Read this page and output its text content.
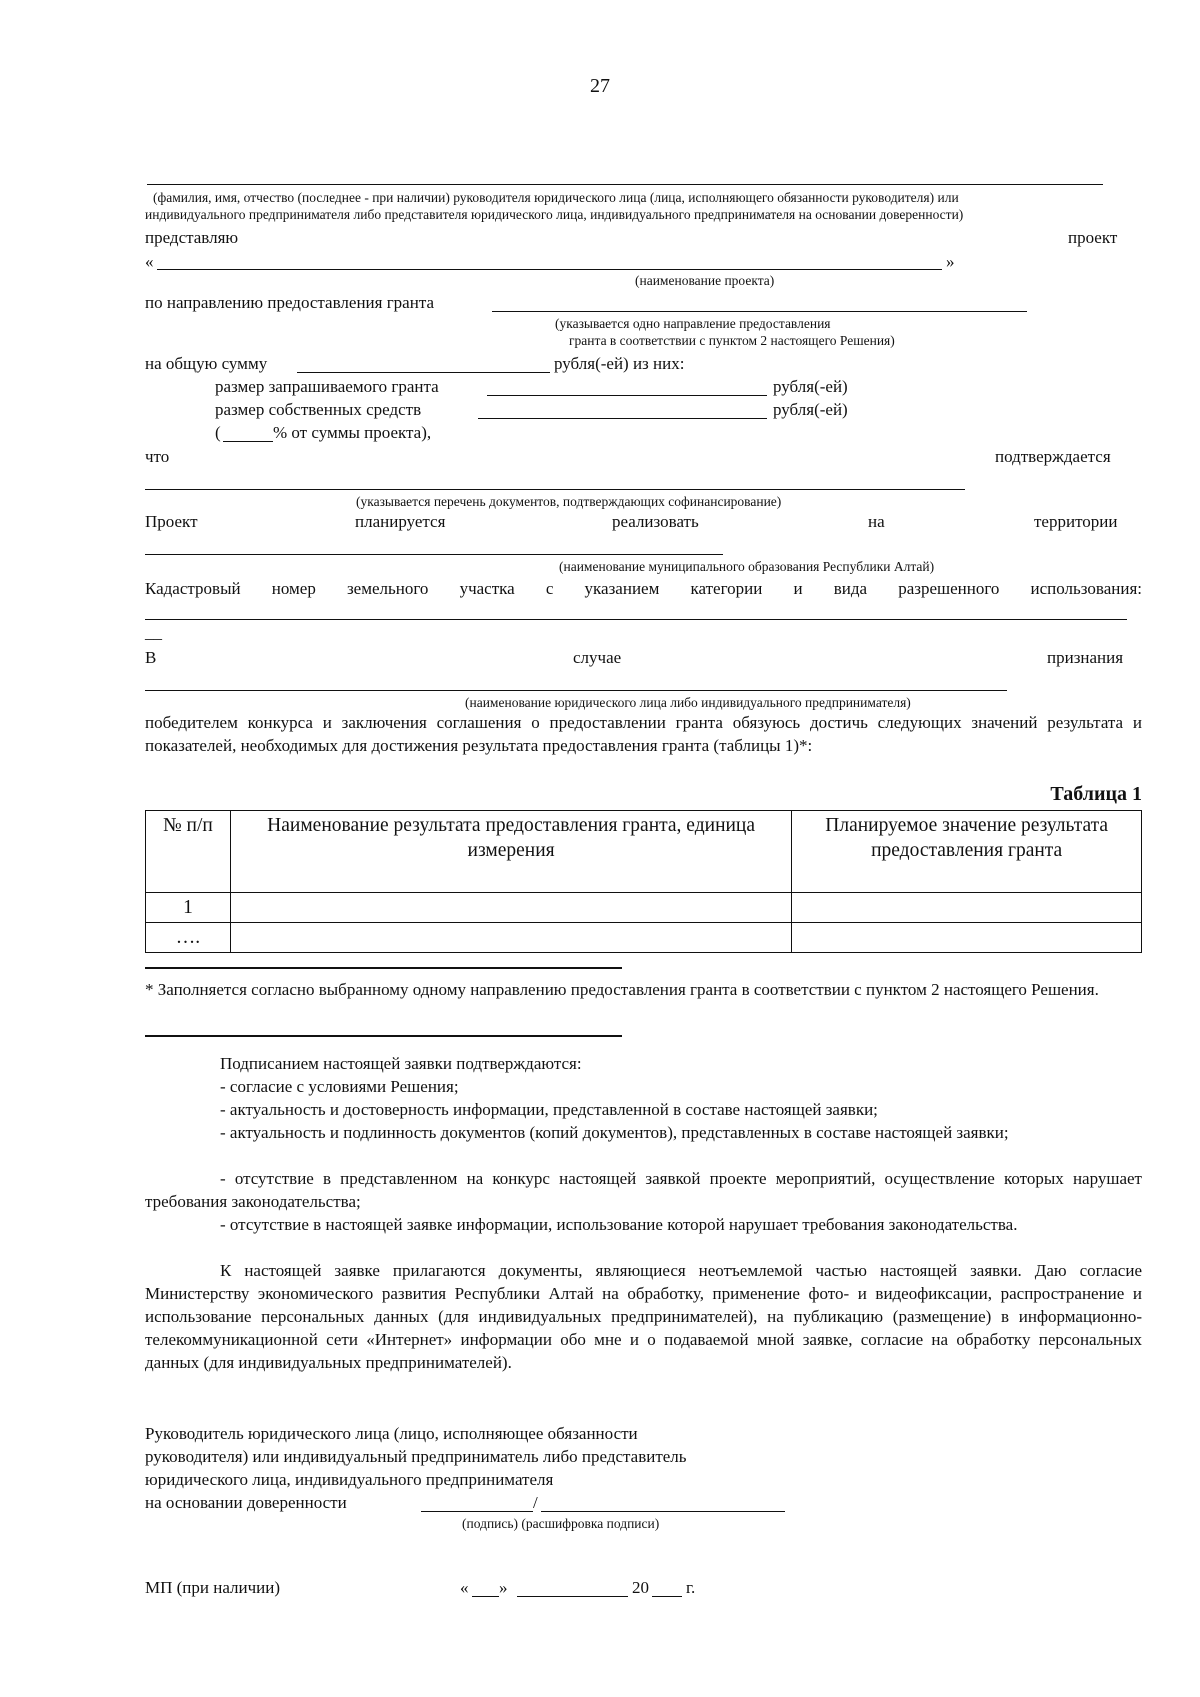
27
(фамилия, имя, отчество (последнее - при наличии) руководителя юридического лица (лица, исполняющего обязанности руководителя) или
индивидуального предпринимателя либо представителя юридического лица, индивидуального предпринимателя на основании доверенности)
представляю	проект
«	»
(наименование проекта)
по направлению предоставления гранта
(указывается одно направление предоставления
гранта в соответствии с пунктом 2 настоящего Решения)
на общую сумму	рубля(-ей) из них:
размер запрашиваемого гранта	рубля(-ей)
размер собственных средств	рубля(-ей)
(	% от суммы проекта),
что	подтверждается
(указывается перечень документов, подтверждающих софинансирование)
Проект	планируется	реализовать	на	территории
(наименование муниципального образования Республики Алтай)
Кадастровый номер земельного участка с указанием категории и вида разрешенного использования:
__
В	случае	признания
(наименование юридического лица либо индивидуального предпринимателя)
победителем конкурса и заключения соглашения о предоставлении гранта обязуюсь достичь следующих значений результата и показателей, необходимых для достижения результата предоставления гранта (таблицы 1)*:
Таблица 1
№ п/п	Наименование результата предоставления гранта, единица измерения	Планируемое значение результата предоставления гранта
1		
….		
* Заполняется согласно выбранному одному направлению предоставления гранта в соответствии с пунктом 2 настоящего Решения.
Подписанием настоящей заявки подтверждаются:
- согласие с условиями Решения;
- актуальность и достоверность информации, представленной в составе настоящей заявки;
- актуальность и подлинность документов (копий документов), представленных в составе настоящей заявки;
- отсутствие в представленном на конкурс настоящей заявкой проекте мероприятий, осуществление которых нарушает требования законодательства;
- отсутствие в настоящей заявке информации, использование которой нарушает требования законодательства.
К настоящей заявке прилагаются документы, являющиеся неотъемлемой частью настоящей заявки. Даю согласие Министерству экономического развития Республики Алтай на обработку, применение фото- и видеофиксации, распространение и использование персональных данных (для индивидуальных предпринимателей), на публикацию (размещение) в информационно-телекоммуникационной сети «Интернет» информации обо мне и о подаваемой мной заявке, согласие на обработку персональных данных (для индивидуальных предпринимателей).
Руководитель юридического лица (лицо, исполняющее обязанности
руководителя) или индивидуальный предприниматель либо представитель
юридического лица, индивидуального предпринимателя
на основании доверенности	/
(подпись) (расшифровка подписи)
МП (при наличии)	« »	20 г.
